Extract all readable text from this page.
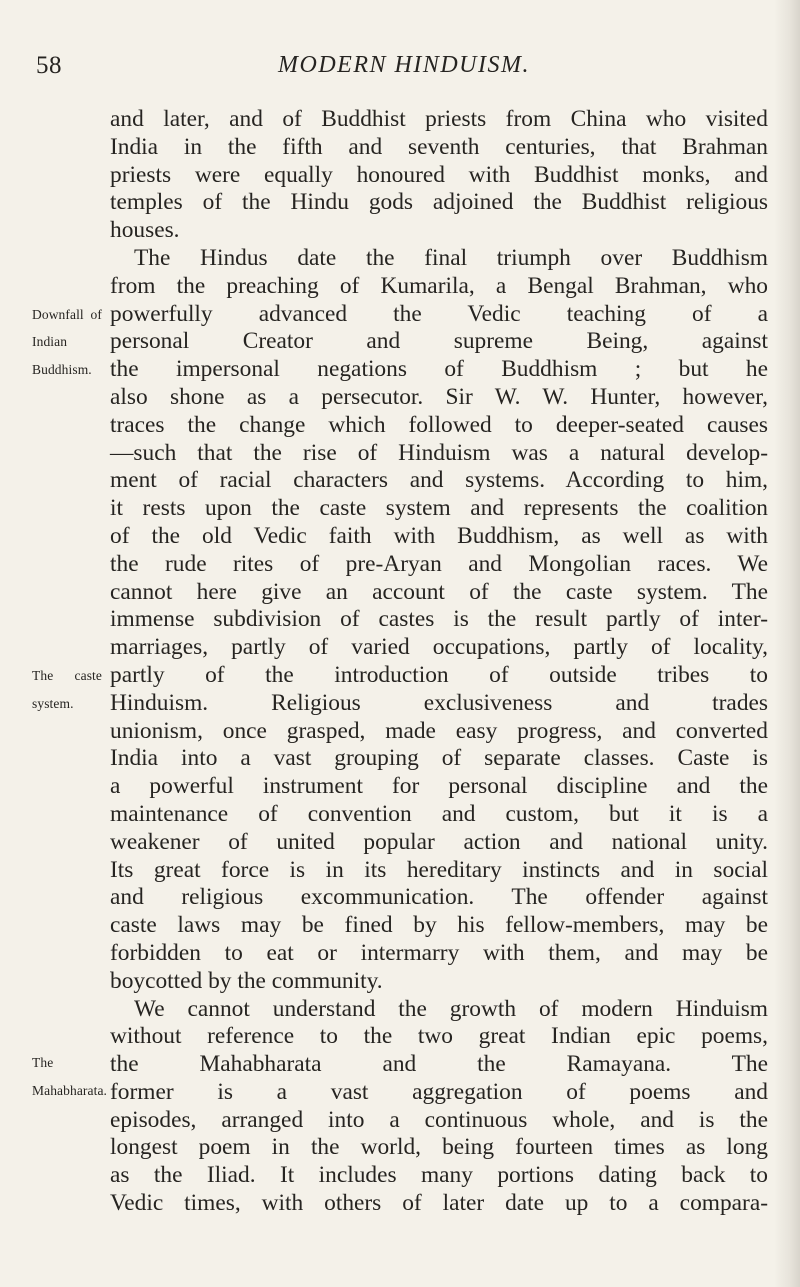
58	MODERN HINDUISM.
and later, and of Buddhist priests from China who visited
India in the fifth and seventh centuries, that Brahman
priests were equally honoured with Buddhist monks, and
temples of the Hindu gods adjoined the Buddhist religious
houses.
The Hindus date the final triumph over Buddhism
from the preaching of Kumarila, a Bengal Brahman, who
powerfully advanced the Vedic teaching of a
Downfall of
personal Creator and supreme Being, against
Indian
the impersonal negations of Buddhism ; but he
Buddhism.
also shone as a persecutor. Sir W. W. Hunter, however,
traces the change which followed to deeper-seated causes
—such that the rise of Hinduism was a natural develop-
ment of racial characters and systems. According to him,
it rests upon the caste system and represents the coalition
of the old Vedic faith with Buddhism, as well as with
the rude rites of pre-Aryan and Mongolian races. We
cannot here give an account of the caste system. The
immense subdivision of castes is the result partly of inter-
marriages, partly of varied occupations, partly of locality,
partly of the introduction of outside tribes to
The caste
Hinduism. Religious exclusiveness and trades
system.
unionism, once grasped, made easy progress, and converted
India into a vast grouping of separate classes. Caste is
a powerful instrument for personal discipline and the
maintenance of convention and custom, but it is a
weakener of united popular action and national unity.
Its great force is in its hereditary instincts and in social
and religious excommunication. The offender against
caste laws may be fined by his fellow-members, may be
forbidden to eat or intermarry with them, and may be
boycotted by the community.
We cannot understand the growth of modern Hinduism
without reference to the two great Indian epic poems,
the Mahabharata and the Ramayana. The
The
former is a vast aggregation of poems and
Mahabharata.
episodes, arranged into a continuous whole, and is the
longest poem in the world, being fourteen times as long
as the Iliad. It includes many portions dating back to
Vedic times, with others of later date up to a compara-
